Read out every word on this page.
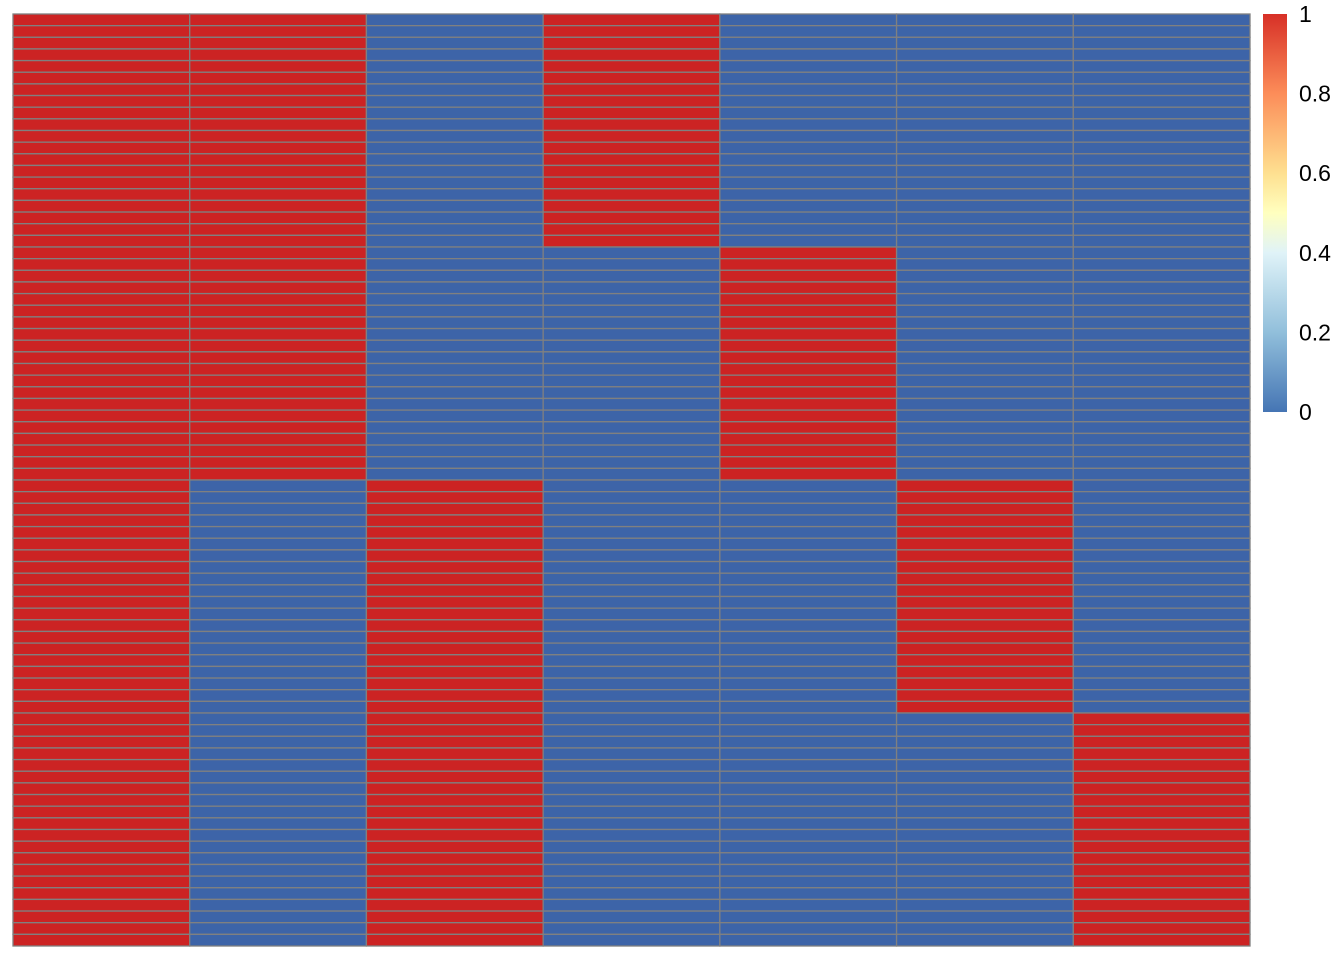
0
0.2
0.4
0.6
0.8
1
